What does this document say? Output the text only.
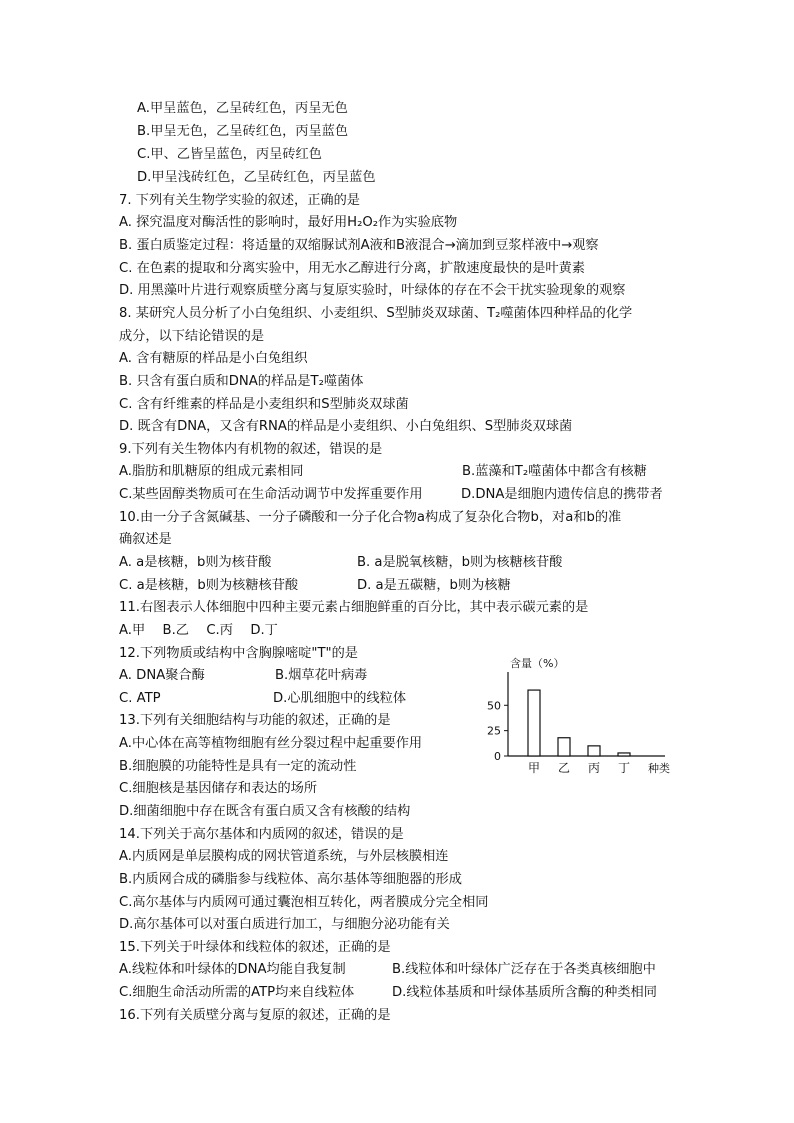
A.甲呈蓝色，乙呈砖红色，丙呈无色
B.甲呈无色，乙呈砖红色，丙呈蓝色
C.甲、乙皆呈蓝色，丙呈砖红色
D.甲呈浅砖红色，乙呈砖红色，丙呈蓝色
7. 下列有关生物学实验的叙述，正确的是
A. 探究温度对酶活性的影响时，最好用H₂O₂作为实验底物
B. 蛋白质鉴定过程：将适量的双缩脲试剂A液和B液混合→滴加到豆浆样液中→观察
C. 在色素的提取和分离实验中，用无水乙醇进行分离，扩散速度最快的是叶黄素
D. 用黑藻叶片进行观察质壁分离与复原实验时，叶绿体的存在不会干扰实验现象的观察
8. 某研究人员分析了小白兔组织、小麦组织、S型肺炎双球菌、T₂噬菌体四种样品的化学
成分，以下结论错误的是
A. 含有糖原的样品是小白兔组织
B. 只含有蛋白质和DNA的样品是T₂噬菌体
C. 含有纤维素的样品是小麦组织和S型肺炎双球菌
D. 既含有DNA，又含有RNA的样品是小麦组织、小白兔组织、S型肺炎双球菌
9.下列有关生物体内有机物的叙述，错误的是
A.脂肪和肌糖原的组成元素相同	B.蓝藻和T₂噬菌体中都含有核糖
C.某些固醇类物质可在生命活动调节中发挥重要作用	D.DNA是细胞内遗传信息的携带者
10.由一分子含氮碱基、一分子磷酸和一分子化合物a构成了复杂化合物b，对a和b的准
确叙述是
A. a是核糖，b则为核苷酸	B. a是脱氧核糖，b则为核糖核苷酸
C. a是核糖，b则为核糖核苷酸	D. a是五碳糖，b则为核糖
11.右图表示人体细胞中四种主要元素占细胞鲜重的百分比，其中表示碳元素的是
A.甲　 B.乙　 C.丙　 D.丁
12.下列物质或结构中含胸腺嘧啶"T"的是
A. DNA聚合酶	B.烟草花叶病毒
C. ATP	D.心肌细胞中的线粒体
13.下列有关细胞结构与功能的叙述，正确的是
A.中心体在高等植物细胞有丝分裂过程中起重要作用
B.细胞膜的功能特性是具有一定的流动性
C.细胞核是基因储存和表达的场所
D.细菌细胞中存在既含有蛋白质又含有核酸的结构
14.下列关于高尔基体和内质网的叙述，错误的是
A.内质网是单层膜构成的网状管道系统，与外层核膜相连
B.内质网合成的磷脂参与线粒体、高尔基体等细胞器的形成
C.高尔基体与内质网可通过囊泡相互转化，两者膜成分完全相同
D.高尔基体可以对蛋白质进行加工，与细胞分泌功能有关
15.下列关于叶绿体和线粒体的叙述，正确的是
A.线粒体和叶绿体的DNA均能自我复制	B.线粒体和叶绿体广泛存在于各类真核细胞中
C.细胞生命活动所需的ATP均来自线粒体	D.线粒体基质和叶绿体基质所含酶的种类相同
16.下列有关质壁分离与复原的叙述，正确的是
含量（%）
0
25
50
甲 乙 丙 丁 种类
